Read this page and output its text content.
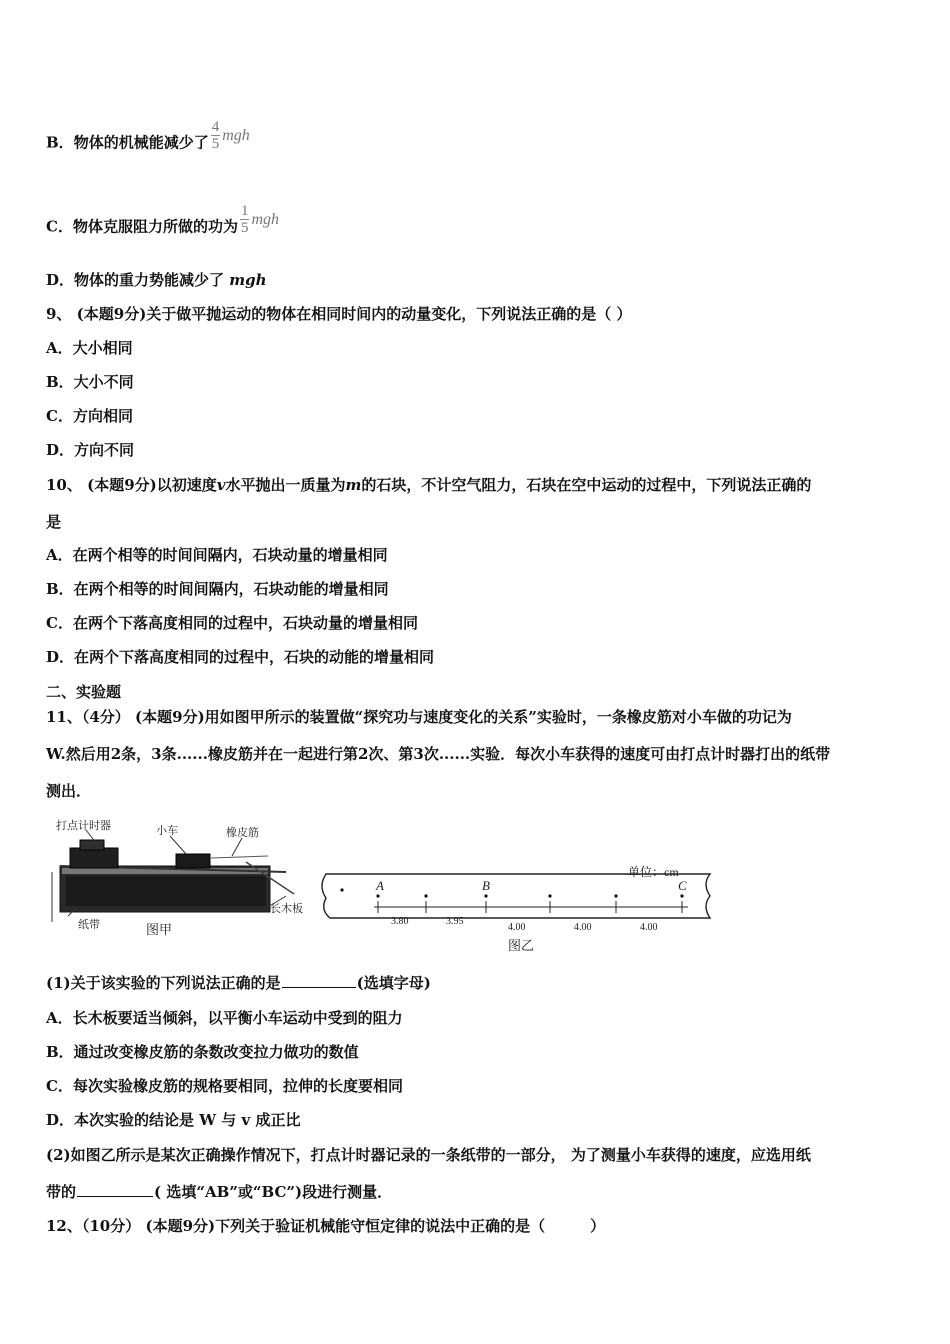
B．物体的机械能减少了 $\frac{4}{5}$ mgh
C．物体克服阻力所做的功为 $\frac{1}{5}$ mgh
D．物体的重力势能减少了 mgh
9、 (本题9分)关于做平抛运动的物体在相同时间内的动量变化，下列说法正确的是（ ）
A．大小相同
B．大小不同
C．方向相同
D．方向不同
10、 (本题9分)以初速度v水平抛出一质量为m的石块，不计空气阻力，石块在空中运动的过程中，下列说法正确的
是
A．在两个相等的时间间隔内，石块动量的增量相同
B．在两个相等的时间间隔内，石块动能的增量相同
C．在两个下落高度相同的过程中，石块动量的增量相同
D．在两个下落高度相同的过程中，石块的动能的增量相同
二、实验题
11、（4分） (本题9分)用如图甲所示的装置做“探究功与速度变化的关系”实验时，一条橡皮筋对小车做的功记为
W.然后用2条，3条......橡皮筋并在一起进行第2次、第3次......实验．每次小车获得的速度可由打点计时器打出的纸带
测出．
打点计时器	小车	橡皮筋
纸带
长木板
图甲
单位：cm
A	B	C
3.80	3.95
4.00	4.00	4.00
图乙
(1)关于该实验的下列说法正确的是	(选填字母)
A．长木板要适当倾斜，以平衡小车运动中受到的阻力
B．通过改变橡皮筋的条数改变拉力做功的数值
C．每次实验橡皮筋的规格要相同，拉伸的长度要相同
D．本次实验的结论是 W 与 v 成正比
(2)如图乙所示是某次正确操作情况下，打点计时器记录的一条纸带的一部分， 为了测量小车获得的速度，应选用纸
带的	( 选填“AB”或“BC”)段进行测量．
12、（10分） (本题9分)下列关于验证机械能守恒定律的说法中正确的是（　　　）
